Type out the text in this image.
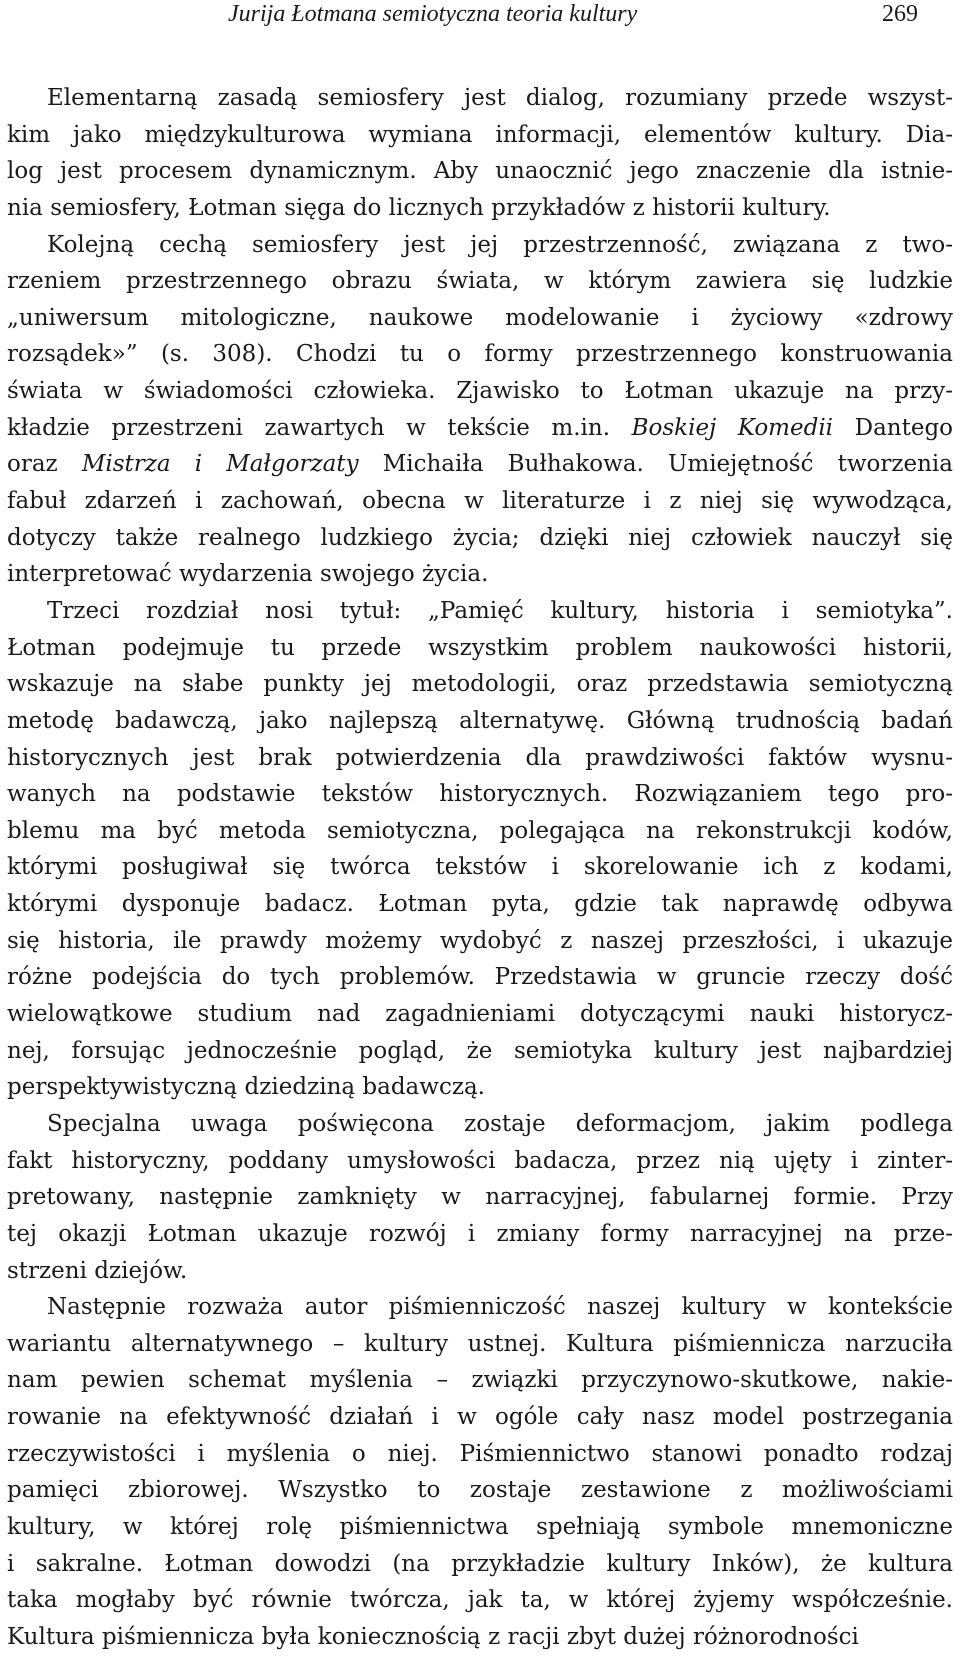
Jurija Łotmana semiotyczna teoria kultury	269
Elementarną zasadą semiosfery jest dialog, rozumiany przede wszyst-
kim jako międzykulturowa wymiana informacji, elementów kultury. Dia-
log jest procesem dynamicznym. Aby unaocznić jego znaczenie dla istnie-
nia semiosfery, Łotman sięga do licznych przykładów z historii kultury.
Kolejną cechą semiosfery jest jej przestrzenność, związana z two-
rzeniem przestrzennego obrazu świata, w którym zawiera się ludzkie
„uniwersum mitologiczne, naukowe modelowanie i życiowy «zdrowy
rozsądek»” (s. 308). Chodzi tu o formy przestrzennego konstruowania
świata w świadomości człowieka. Zjawisko to Łotman ukazuje na przy-
kładzie przestrzeni zawartych w tekście m.in. Boskiej Komedii Dantego
oraz Mistrza i Małgorzaty Michaiła Bułhakowa. Umiejętność tworzenia
fabuł zdarzeń i zachowań, obecna w literaturze i z niej się wywodząca,
dotyczy także realnego ludzkiego życia; dzięki niej człowiek nauczył się
interpretować wydarzenia swojego życia.
Trzeci rozdział nosi tytuł: „Pamięć kultury, historia i semiotyka”.
Łotman podejmuje tu przede wszystkim problem naukowości historii,
wskazuje na słabe punkty jej metodologii, oraz przedstawia semiotyczną
metodę badawczą, jako najlepszą alternatywę. Główną trudnością badań
historycznych jest brak potwierdzenia dla prawdziwości faktów wysnu-
wanych na podstawie tekstów historycznych. Rozwiązaniem tego pro-
blemu ma być metoda semiotyczna, polegająca na rekonstrukcji kodów,
którymi posługiwał się twórca tekstów i skorelowanie ich z kodami,
którymi dysponuje badacz. Łotman pyta, gdzie tak naprawdę odbywa
się historia, ile prawdy możemy wydobyć z naszej przeszłości, i ukazuje
różne podejścia do tych problemów. Przedstawia w gruncie rzeczy dość
wielowątkowe studium nad zagadnieniami dotyczącymi nauki historycz-
nej, forsując jednocześnie pogląd, że semiotyka kultury jest najbardziej
perspektywistyczną dziedziną badawczą.
Specjalna uwaga poświęcona zostaje deformacjom, jakim podlega
fakt historyczny, poddany umysłowości badacza, przez nią ujęty i zinter-
pretowany, następnie zamknięty w narracyjnej, fabularnej formie. Przy
tej okazji Łotman ukazuje rozwój i zmiany formy narracyjnej na prze-
strzeni dziejów.
Następnie rozważa autor piśmienniczość naszej kultury w kontekście
wariantu alternatywnego – kultury ustnej. Kultura piśmiennicza narzuciła
nam pewien schemat myślenia – związki przyczynowo-skutkowe, nakie-
rowanie na efektywność działań i w ogóle cały nasz model postrzegania
rzeczywistości i myślenia o niej. Piśmiennictwo stanowi ponadto rodzaj
pamięci zbiorowej. Wszystko to zostaje zestawione z możliwościami
kultury, w której rolę piśmiennictwa spełniają symbole mnemoniczne
i sakralne. Łotman dowodzi (na przykładzie kultury Inków), że kultura
taka mogłaby być równie twórcza, jak ta, w której żyjemy współcześnie.
Kultura piśmiennicza była koniecznością z racji zbyt dużej różnorodności
